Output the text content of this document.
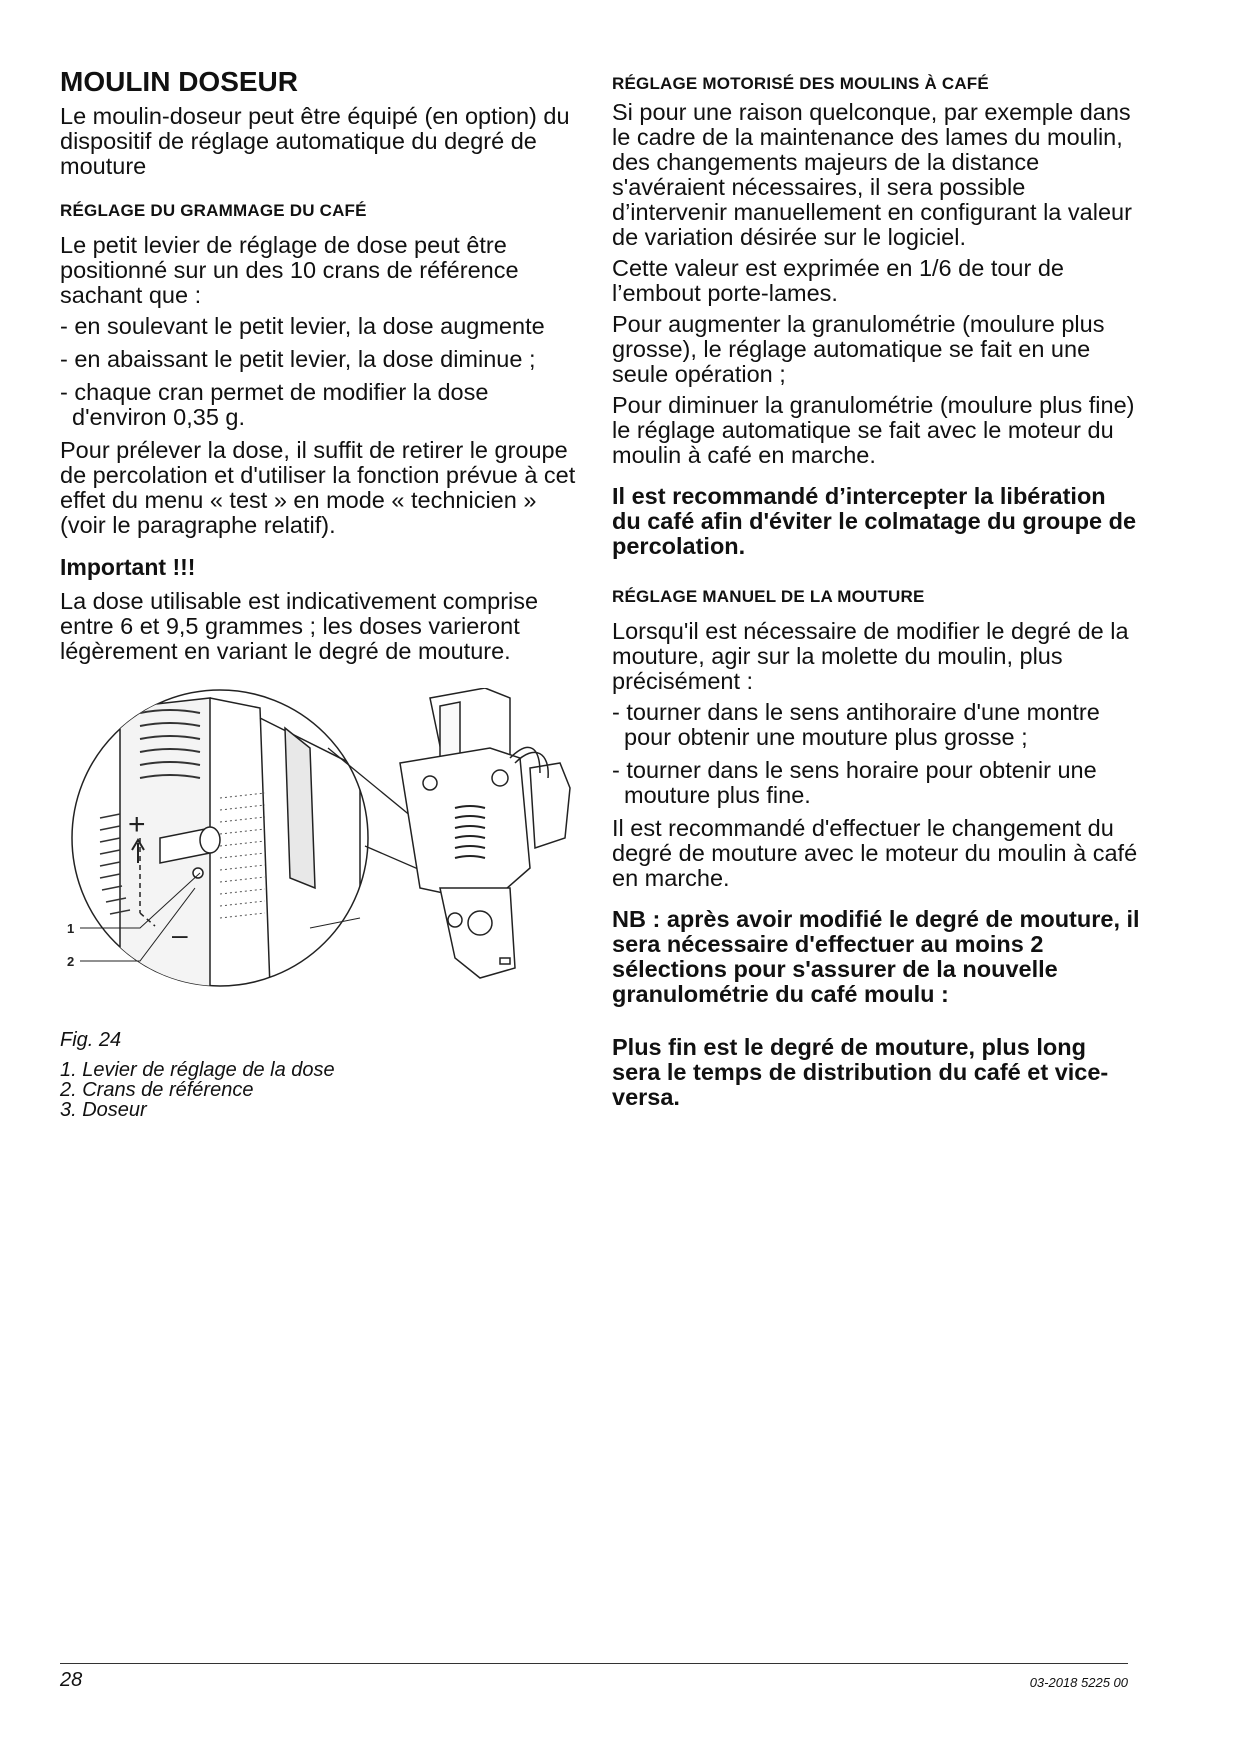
MOULIN DOSEUR

Le moulin-doseur peut être équipé (en option) du dispositif de réglage automatique du degré de mouture

RÉGLAGE DU GRAMMAGE DU CAFÉ

Le petit levier de réglage de dose peut être positionné sur un des 10 crans de référence sachant que :

- en soulevant le petit levier, la dose augmente
- en abaissant le petit levier, la dose diminue ;
- chaque cran permet de modifier la dose d'environ 0,35 g.

Pour prélever la dose, il suffit de retirer le groupe de percolation et d'utiliser la fonction prévue à cet effet du menu « test » en mode « technicien » (voir le paragraphe relatif).

Important !!!

La dose utilisable est indicativement comprise entre 6 et 9,5 grammes ; les doses varieront légèrement en variant le degré de mouture.

+
–
1
2
Fig. 24
1. Levier de réglage de la dose
2. Crans de référence
3. Doseur
RÉGLAGE MOTORISÉ DES MOULINS À CAFÉ

Si pour une raison quelconque, par exemple dans le cadre de la maintenance des lames du moulin, des changements majeurs de la distance s'avéraient nécessaires, il sera possible d’intervenir manuellement en configurant la valeur de variation désirée sur le logiciel.

Cette valeur est exprimée en 1/6 de tour de l’embout porte-lames.

Pour augmenter la granulométrie (moulure plus grosse), le réglage automatique se fait en une seule opération ;

Pour diminuer la granulométrie (moulure plus fine) le réglage automatique se fait avec le moteur du moulin à café en marche.

Il est recommandé d’intercepter la libération du café afin d'éviter le colmatage du groupe de percolation.

RÉGLAGE MANUEL DE LA MOUTURE

Lorsqu'il est nécessaire de modifier le degré de la mouture, agir sur la molette du moulin, plus précisément :

- tourner dans le sens antihoraire d'une montre pour obtenir une mouture plus grosse ;
- tourner dans le sens horaire pour obtenir une mouture plus fine.

Il est recommandé d'effectuer le changement du degré de mouture avec le moteur du moulin à café en marche.

NB : après avoir modifié le degré de mouture, il sera nécessaire d'effectuer au moins 2 sélections pour s'assurer de la nouvelle granulométrie du café moulu :

Plus fin est le degré de mouture, plus long sera le temps de distribution du café et vice-versa.

28	03-2018 5225 00
